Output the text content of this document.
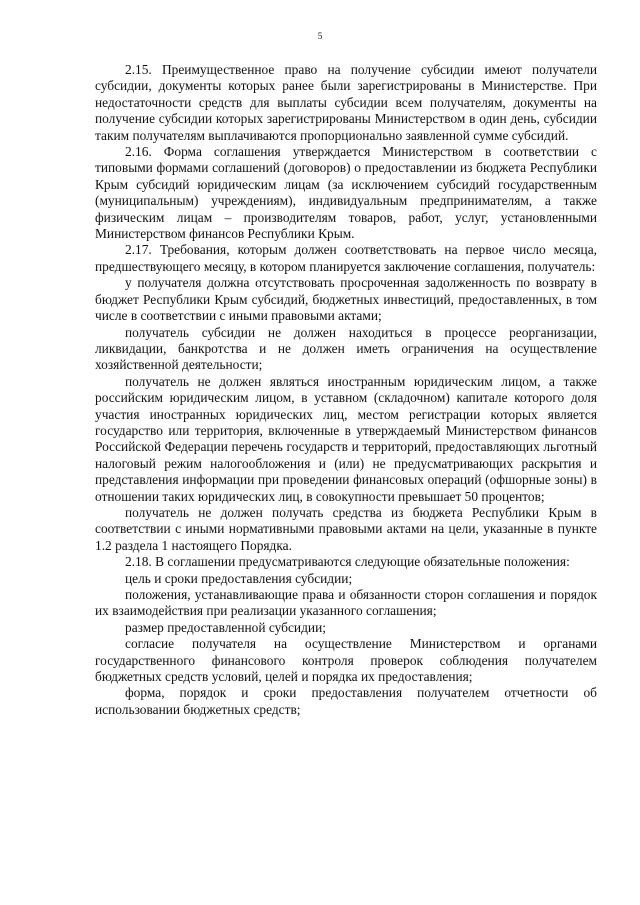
5

2.15. Преимущественное право на получение субсидии имеют получатели субсидии, документы которых ранее были зарегистрированы в Министерстве. При недостаточности средств для выплаты субсидии всем получателям, документы на получение субсидии которых зарегистрированы Министерством в один день, субсидии таким получателям выплачиваются пропорционально заявленной сумме субсидий.

2.16. Форма соглашения утверждается Министерством в соответствии с типовыми формами соглашений (договоров) о предоставлении из бюджета Республики Крым субсидий юридическим лицам (за исключением субсидий государственным (муниципальным) учреждениям), индивидуальным предпринимателям, а также физическим лицам – производителям товаров, работ, услуг, установленными Министерством финансов Республики Крым.

2.17. Требования, которым должен соответствовать на первое число месяца, предшествующего месяцу, в котором планируется заключение соглашения, получатель:

у получателя должна отсутствовать просроченная задолженность по возврату в бюджет Республики Крым субсидий, бюджетных инвестиций, предоставленных, в том числе в соответствии с иными правовыми актами;

получатель субсидии не должен находиться в процессе реорганизации, ликвидации, банкротства и не должен иметь ограничения на осуществление хозяйственной деятельности;

получатель не должен являться иностранным юридическим лицом, а также российским юридическим лицом, в уставном (складочном) капитале которого доля участия иностранных юридических лиц, местом регистрации которых является государство или территория, включенные в утверждаемый Министерством финансов Российской Федерации перечень государств и территорий, предоставляющих льготный налоговый режим налогообложения и (или) не предусматривающих раскрытия и представления информации при проведении финансовых операций (офшорные зоны) в отношении таких юридических лиц, в совокупности превышает 50 процентов;

получатель не должен получать средства из бюджета Республики Крым в соответствии с иными нормативными правовыми актами на цели, указанные в пункте 1.2 раздела 1 настоящего Порядка.

2.18. В соглашении предусматриваются следующие обязательные положения:

цель и сроки предоставления субсидии;

положения, устанавливающие права и обязанности сторон соглашения и порядок их взаимодействия при реализации указанного соглашения;

размер предоставленной субсидии;

согласие получателя на осуществление Министерством и органами государственного финансового контроля проверок соблюдения получателем бюджетных средств условий, целей и порядка их предоставления;

форма, порядок и сроки предоставления получателем отчетности об использовании бюджетных средств;
